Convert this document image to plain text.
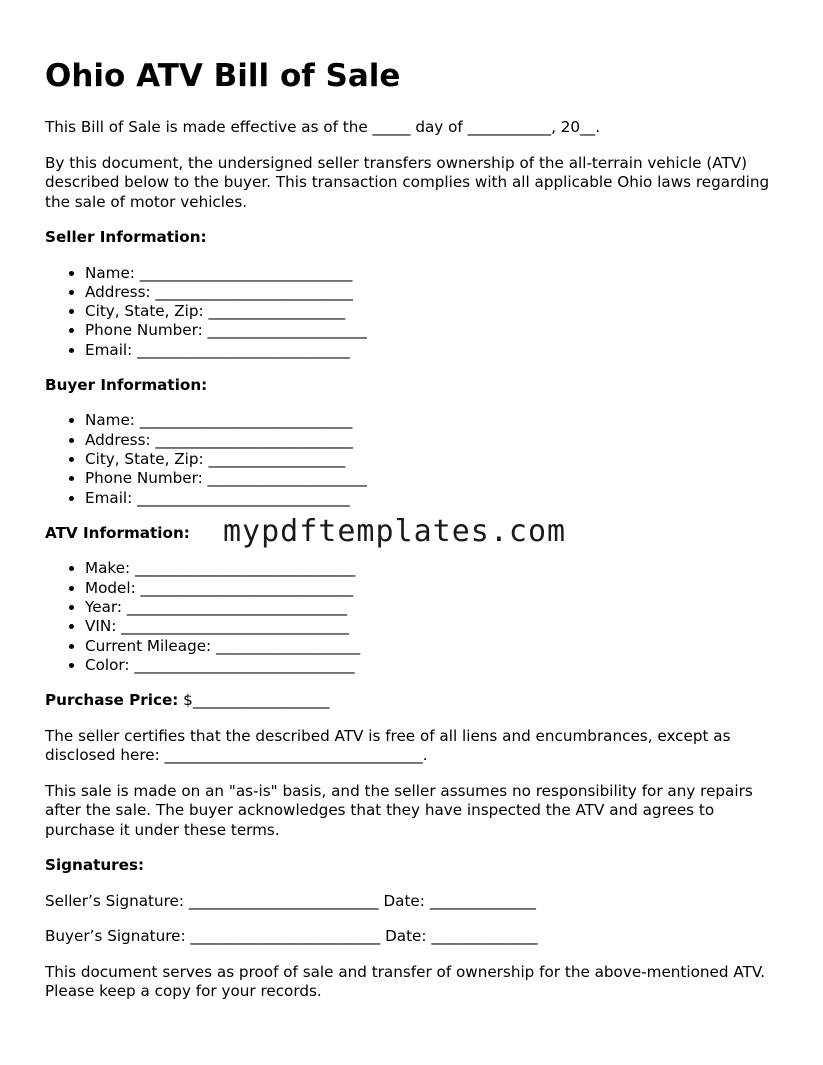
Ohio ATV Bill of Sale

This Bill of Sale is made effective as of the _____ day of ___________, 20__.

By this document, the undersigned seller transfers ownership of the all-terrain vehicle (ATV) described below to the buyer. This transaction complies with all applicable Ohio laws regarding the sale of motor vehicles.

Seller Information:
• Name: ____________________________
• Address: __________________________
• City, State, Zip: __________________
• Phone Number: _____________________
• Email: ____________________________
Buyer Information:
• Name: ____________________________
• Address: __________________________
• City, State, Zip: __________________
• Phone Number: _____________________
• Email: ____________________________
ATV Information:
• Make: _____________________________
• Model: ____________________________
• Year: _____________________________
• VIN: ______________________________
• Current Mileage: ___________________
• Color: _____________________________

Purchase Price: $__________________

The seller certifies that the described ATV is free of all liens and encumbrances, except as disclosed here: __________________________________.

This sale is made on an "as-is" basis, and the seller assumes no responsibility for any repairs after the sale. The buyer acknowledges that they have inspected the ATV and agrees to purchase it under these terms.

Signatures:
Seller’s Signature: _________________________ Date: ______________
Buyer’s Signature: _________________________ Date: ______________

This document serves as proof of sale and transfer of ownership for the above-mentioned ATV. Please keep a copy for your records.

mypdftemplates.com
